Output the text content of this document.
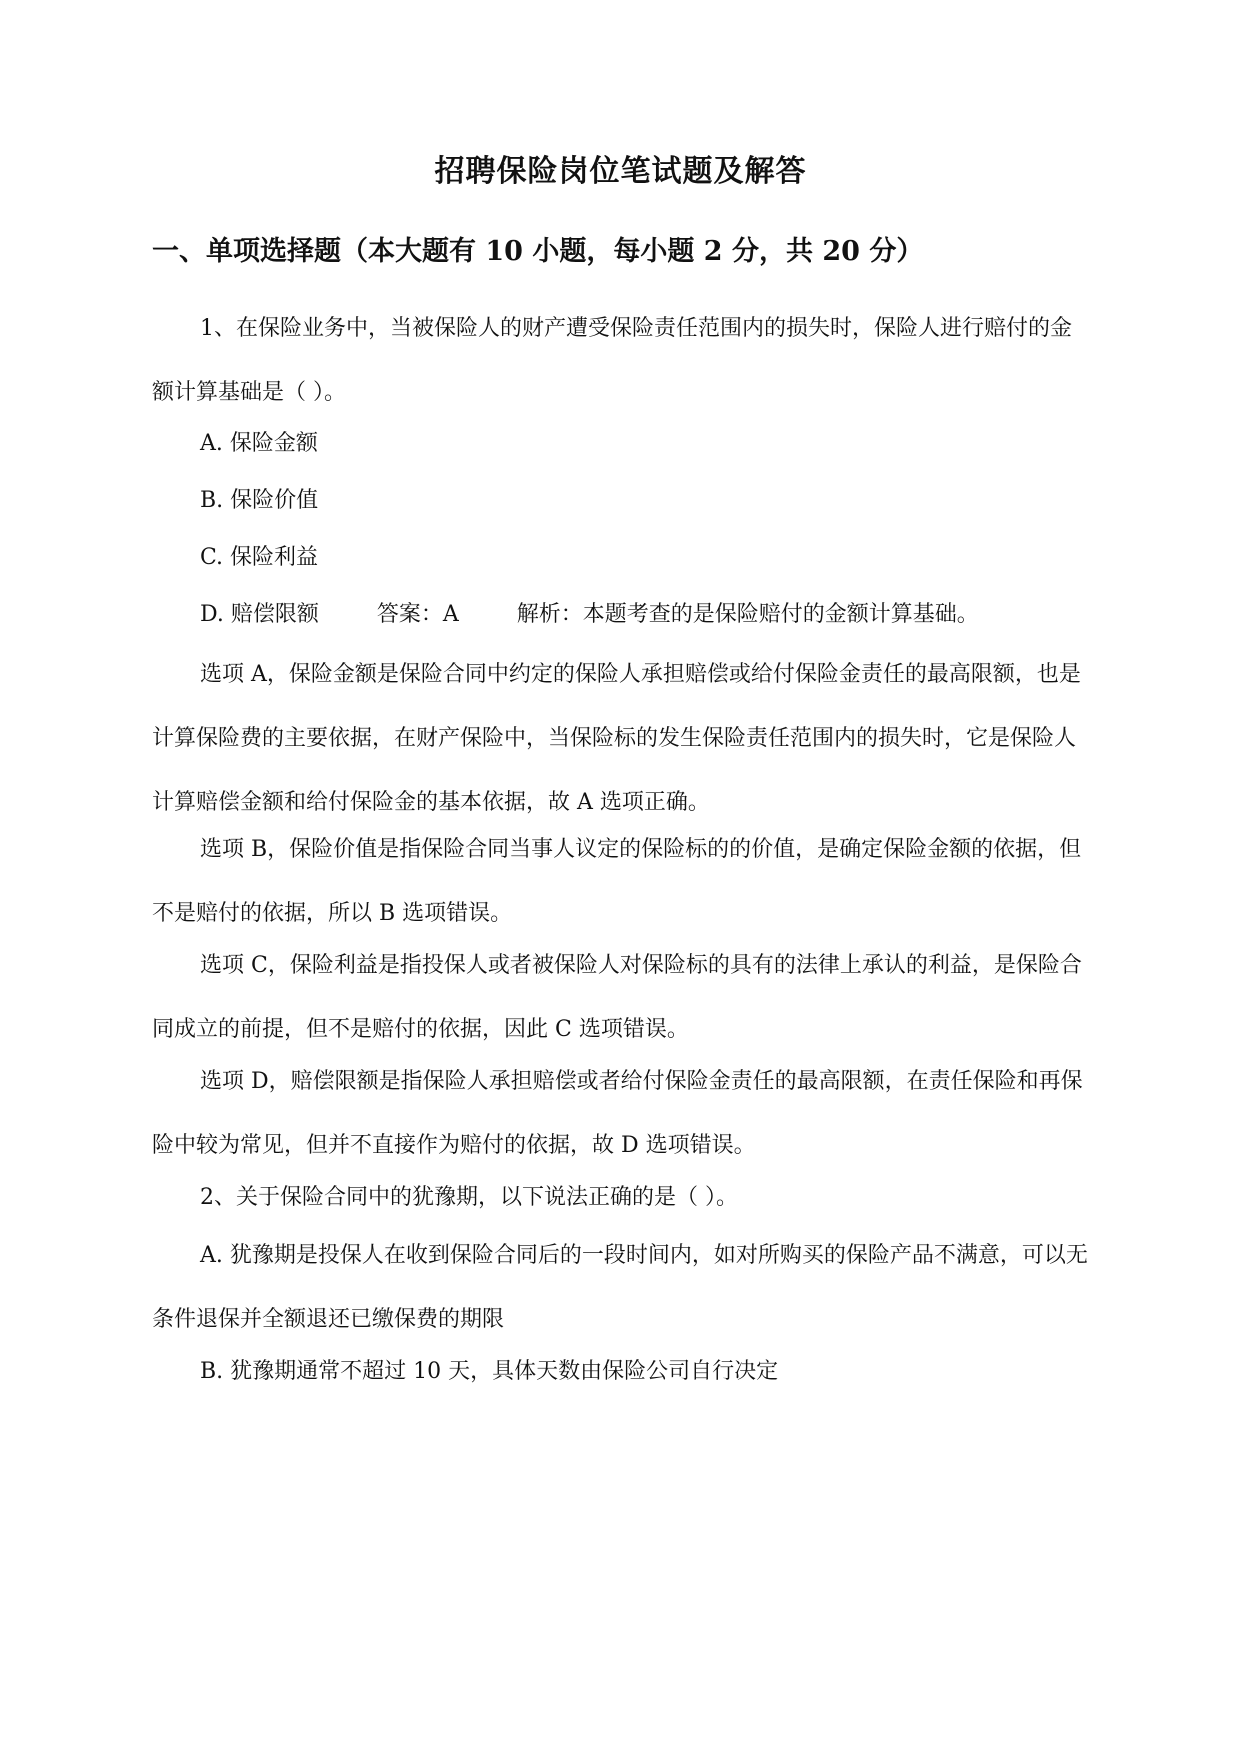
招聘保险岗位笔试题及解答
一、单项选择题（本大题有 10 小题，每小题 2 分，共 20 分）
1、在保险业务中，当被保险人的财产遭受保险责任范围内的损失时，保险人进行赔付的金额计算基础是（ ）。
A. 保险金额
B. 保险价值
C. 保险利益
D. 赔偿限额	答案：A	解析：本题考查的是保险赔付的金额计算基础。
选项 A，保险金额是保险合同中约定的保险人承担赔偿或给付保险金责任的最高限额，也是计算保险费的主要依据，在财产保险中，当保险标的发生保险责任范围内的损失时，它是保险人计算赔偿金额和给付保险金的基本依据，故 A 选项正确。
选项 B，保险价值是指保险合同当事人议定的保险标的的价值，是确定保险金额的依据，但不是赔付的依据，所以 B 选项错误。
选项 C，保险利益是指投保人或者被保险人对保险标的具有的法律上承认的利益，是保险合同成立的前提，但不是赔付的依据，因此 C 选项错误。
选项 D，赔偿限额是指保险人承担赔偿或者给付保险金责任的最高限额，在责任保险和再保险中较为常见，但并不直接作为赔付的依据，故 D 选项错误。
2、关于保险合同中的犹豫期，以下说法正确的是（ ）。
A. 犹豫期是投保人在收到保险合同后的一段时间内，如对所购买的保险产品不满意，可以无条件退保并全额退还已缴保费的期限
B. 犹豫期通常不超过 10 天，具体天数由保险公司自行决定
